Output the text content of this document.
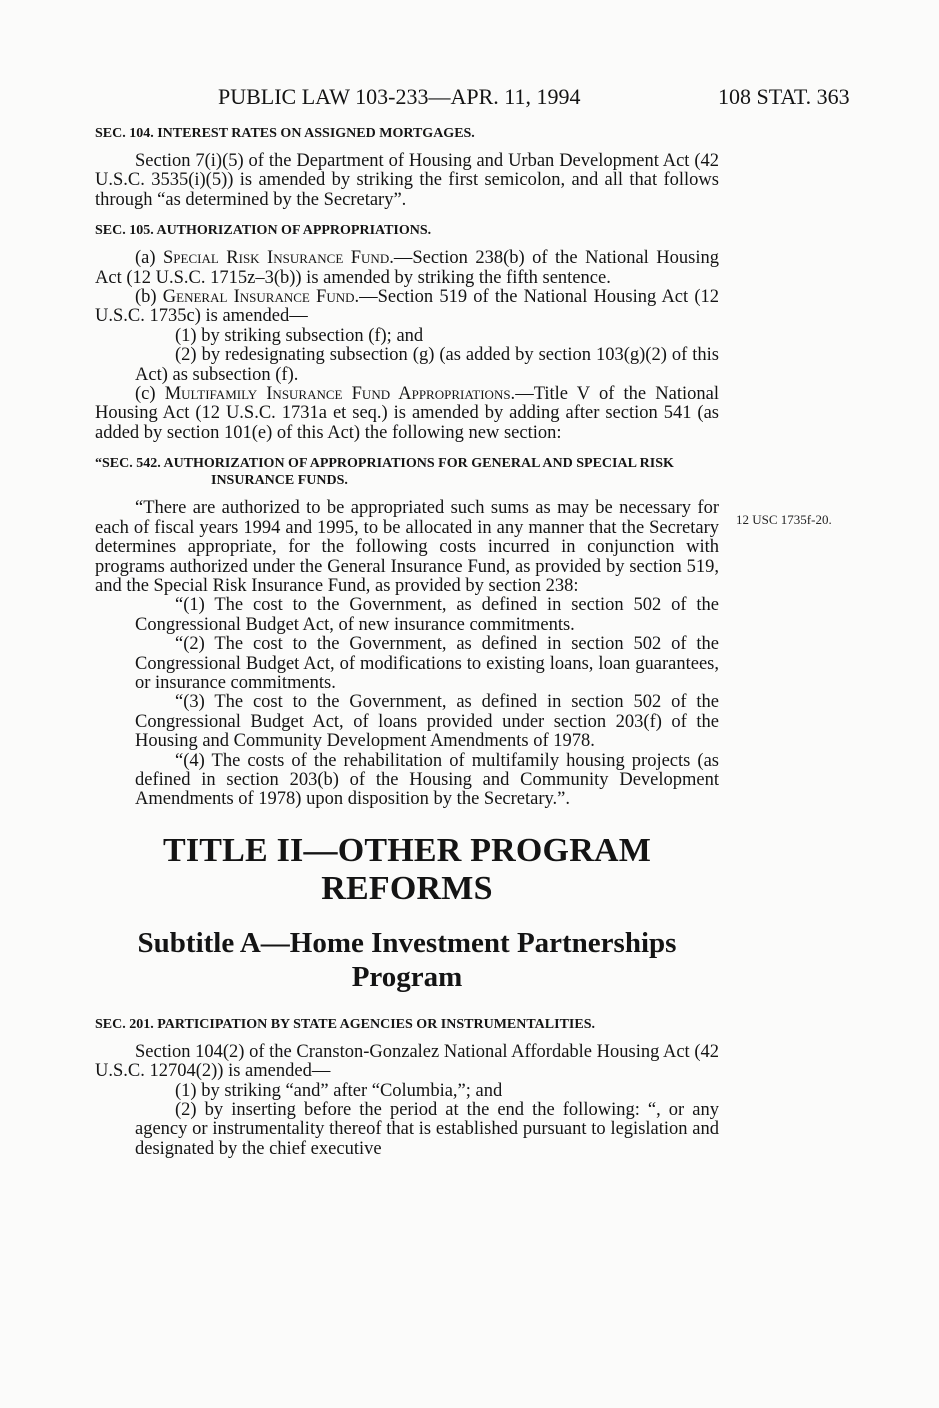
PUBLIC LAW 103-233—APR. 11, 1994	108 STAT. 363
12 USC 1735f-20.
SEC. 104. INTEREST RATES ON ASSIGNED MORTGAGES.

Section 7(i)(5) of the Department of Housing and Urban Development Act (42 U.S.C. 3535(i)(5)) is amended by striking the first semicolon, and all that follows through “as determined by the Secretary”.

SEC. 105. AUTHORIZATION OF APPROPRIATIONS.

(a) Special Risk Insurance Fund.—Section 238(b) of the National Housing Act (12 U.S.C. 1715z–3(b)) is amended by striking the fifth sentence.

(b) General Insurance Fund.—Section 519 of the National Housing Act (12 U.S.C. 1735c) is amended—

(1) by striking subsection (f); and

(2) by redesignating subsection (g) (as added by section 103(g)(2) of this Act) as subsection (f).

(c) Multifamily Insurance Fund Appropriations.—Title V of the National Housing Act (12 U.S.C. 1731a et seq.) is amended by adding after section 541 (as added by section 101(e) of this Act) the following new section:

“SEC. 542. AUTHORIZATION OF APPROPRIATIONS FOR GENERAL AND SPECIAL RISK INSURANCE FUNDS.

“There are authorized to be appropriated such sums as may be necessary for each of fiscal years 1994 and 1995, to be allocated in any manner that the Secretary determines appropriate, for the following costs incurred in conjunction with programs authorized under the General Insurance Fund, as provided by section 519, and the Special Risk Insurance Fund, as provided by section 238:

“(1) The cost to the Government, as defined in section 502 of the Congressional Budget Act, of new insurance commitments.

“(2) The cost to the Government, as defined in section 502 of the Congressional Budget Act, of modifications to existing loans, loan guarantees, or insurance commitments.

“(3) The cost to the Government, as defined in section 502 of the Congressional Budget Act, of loans provided under section 203(f) of the Housing and Community Development Amendments of 1978.

“(4) The costs of the rehabilitation of multifamily housing projects (as defined in section 203(b) of the Housing and Community Development Amendments of 1978) upon disposition by the Secretary.”.

TITLE II—OTHER PROGRAM REFORMS
Subtitle A—Home Investment Partnerships Program
SEC. 201. PARTICIPATION BY STATE AGENCIES OR INSTRUMENTALITIES.

Section 104(2) of the Cranston-Gonzalez National Affordable Housing Act (42 U.S.C. 12704(2)) is amended—

(1) by striking “and” after “Columbia,”; and

(2) by inserting before the period at the end the following: “, or any agency or instrumentality thereof that is established pursuant to legislation and designated by the chief executive
